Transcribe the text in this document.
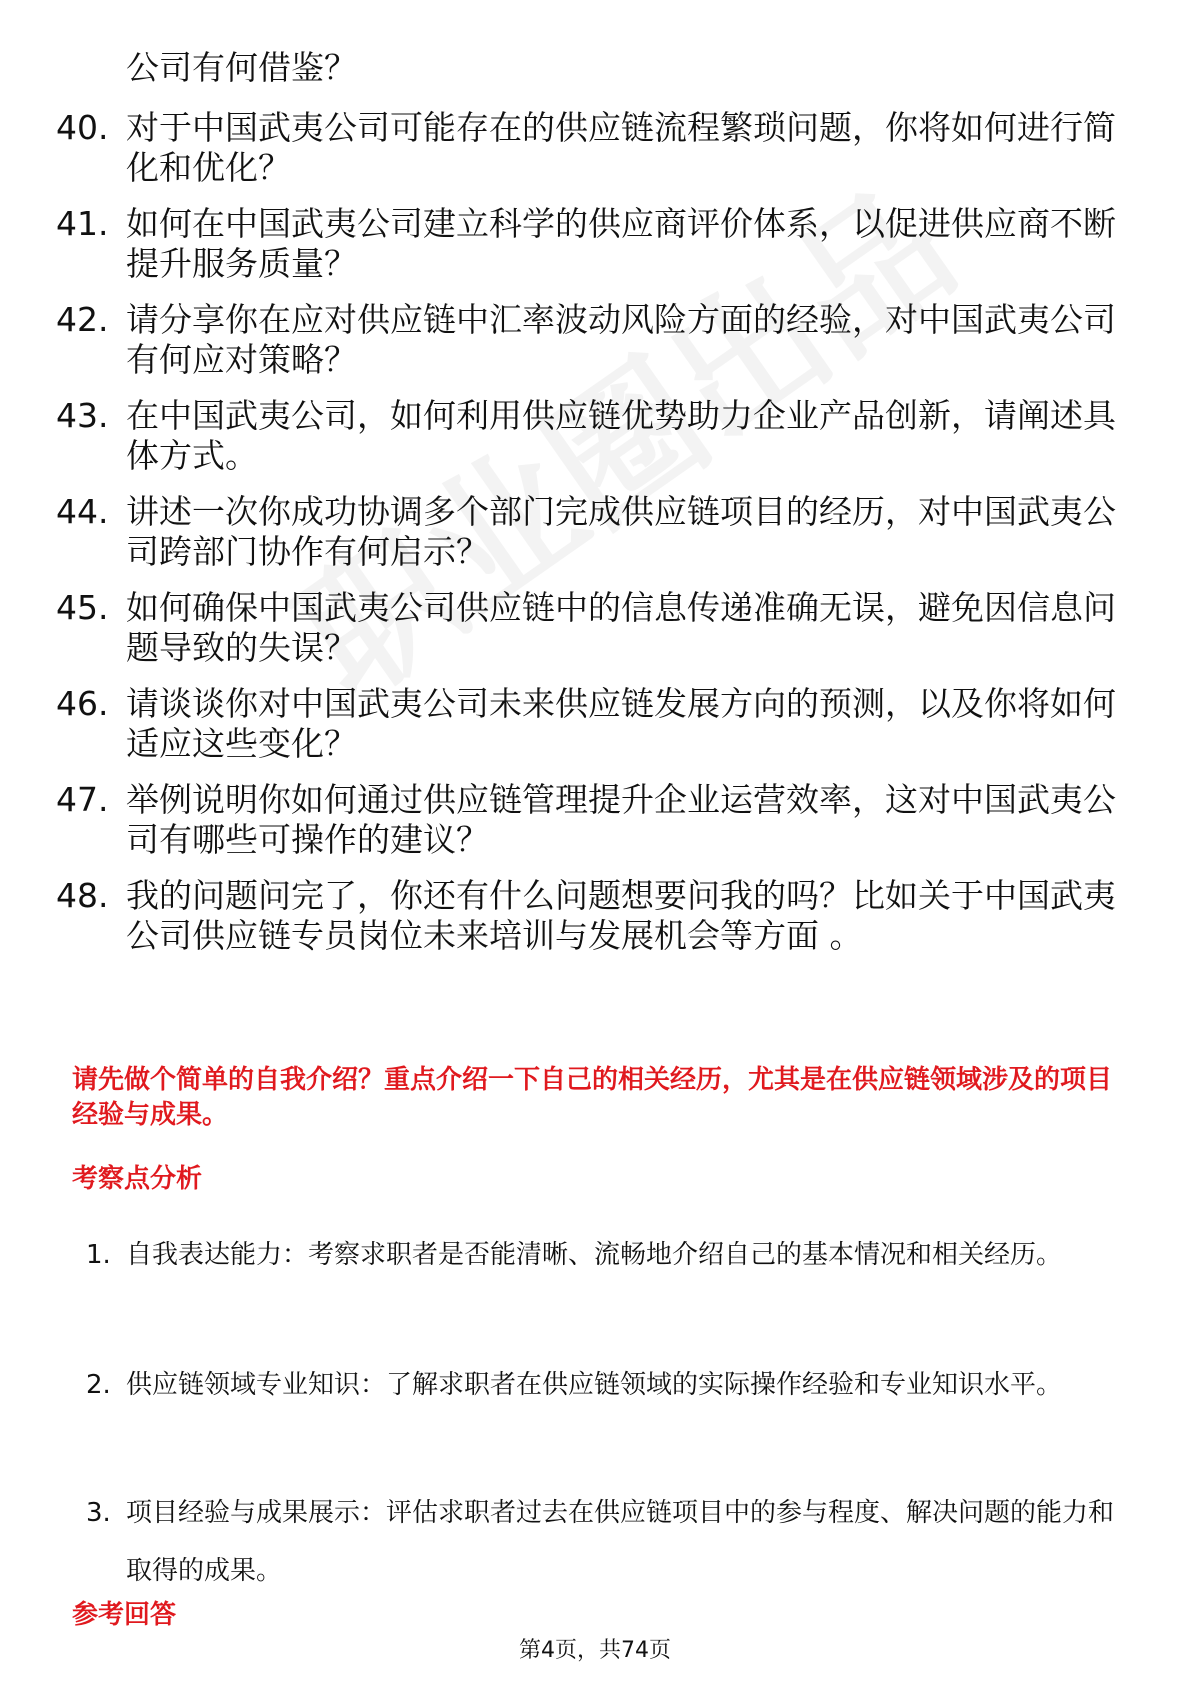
公司有何借鉴？
40. 对于中国武夷公司可能存在的供应链流程繁琐问题，你将如何进行简化和优化？
41. 如何在中国武夷公司建立科学的供应商评价体系，以促进供应商不断提升服务质量？
42. 请分享你在应对供应链中汇率波动风险方面的经验，对中国武夷公司有何应对策略？
43. 在中国武夷公司，如何利用供应链优势助力企业产品创新，请阐述具体方式。
44. 讲述一次你成功协调多个部门完成供应链项目的经历，对中国武夷公司跨部门协作有何启示？
45. 如何确保中国武夷公司供应链中的信息传递准确无误，避免因信息问题导致的失误？
46. 请谈谈你对中国武夷公司未来供应链发展方向的预测，以及你将如何适应这些变化？
47. 举例说明你如何通过供应链管理提升企业运营效率，这对中国武夷公司有哪些可操作的建议？
48. 我的问题问完了，你还有什么问题想要问我的吗？比如关于中国武夷公司供应链专员岗位未来培训与发展机会等方面 。
请先做个简单的自我介绍？重点介绍一下自己的相关经历，尤其是在供应链领域涉及的项目经验与成果。
考察点分析
1. 自我表达能力：考察求职者是否能清晰、流畅地介绍自己的基本情况和相关经历。
2. 供应链领域专业知识：了解求职者在供应链领域的实际操作经验和专业知识水平。
3. 项目经验与成果展示：评估求职者过去在供应链项目中的参与程度、解决问题的能力和取得的成果。
参考回答
第4页，共74页
